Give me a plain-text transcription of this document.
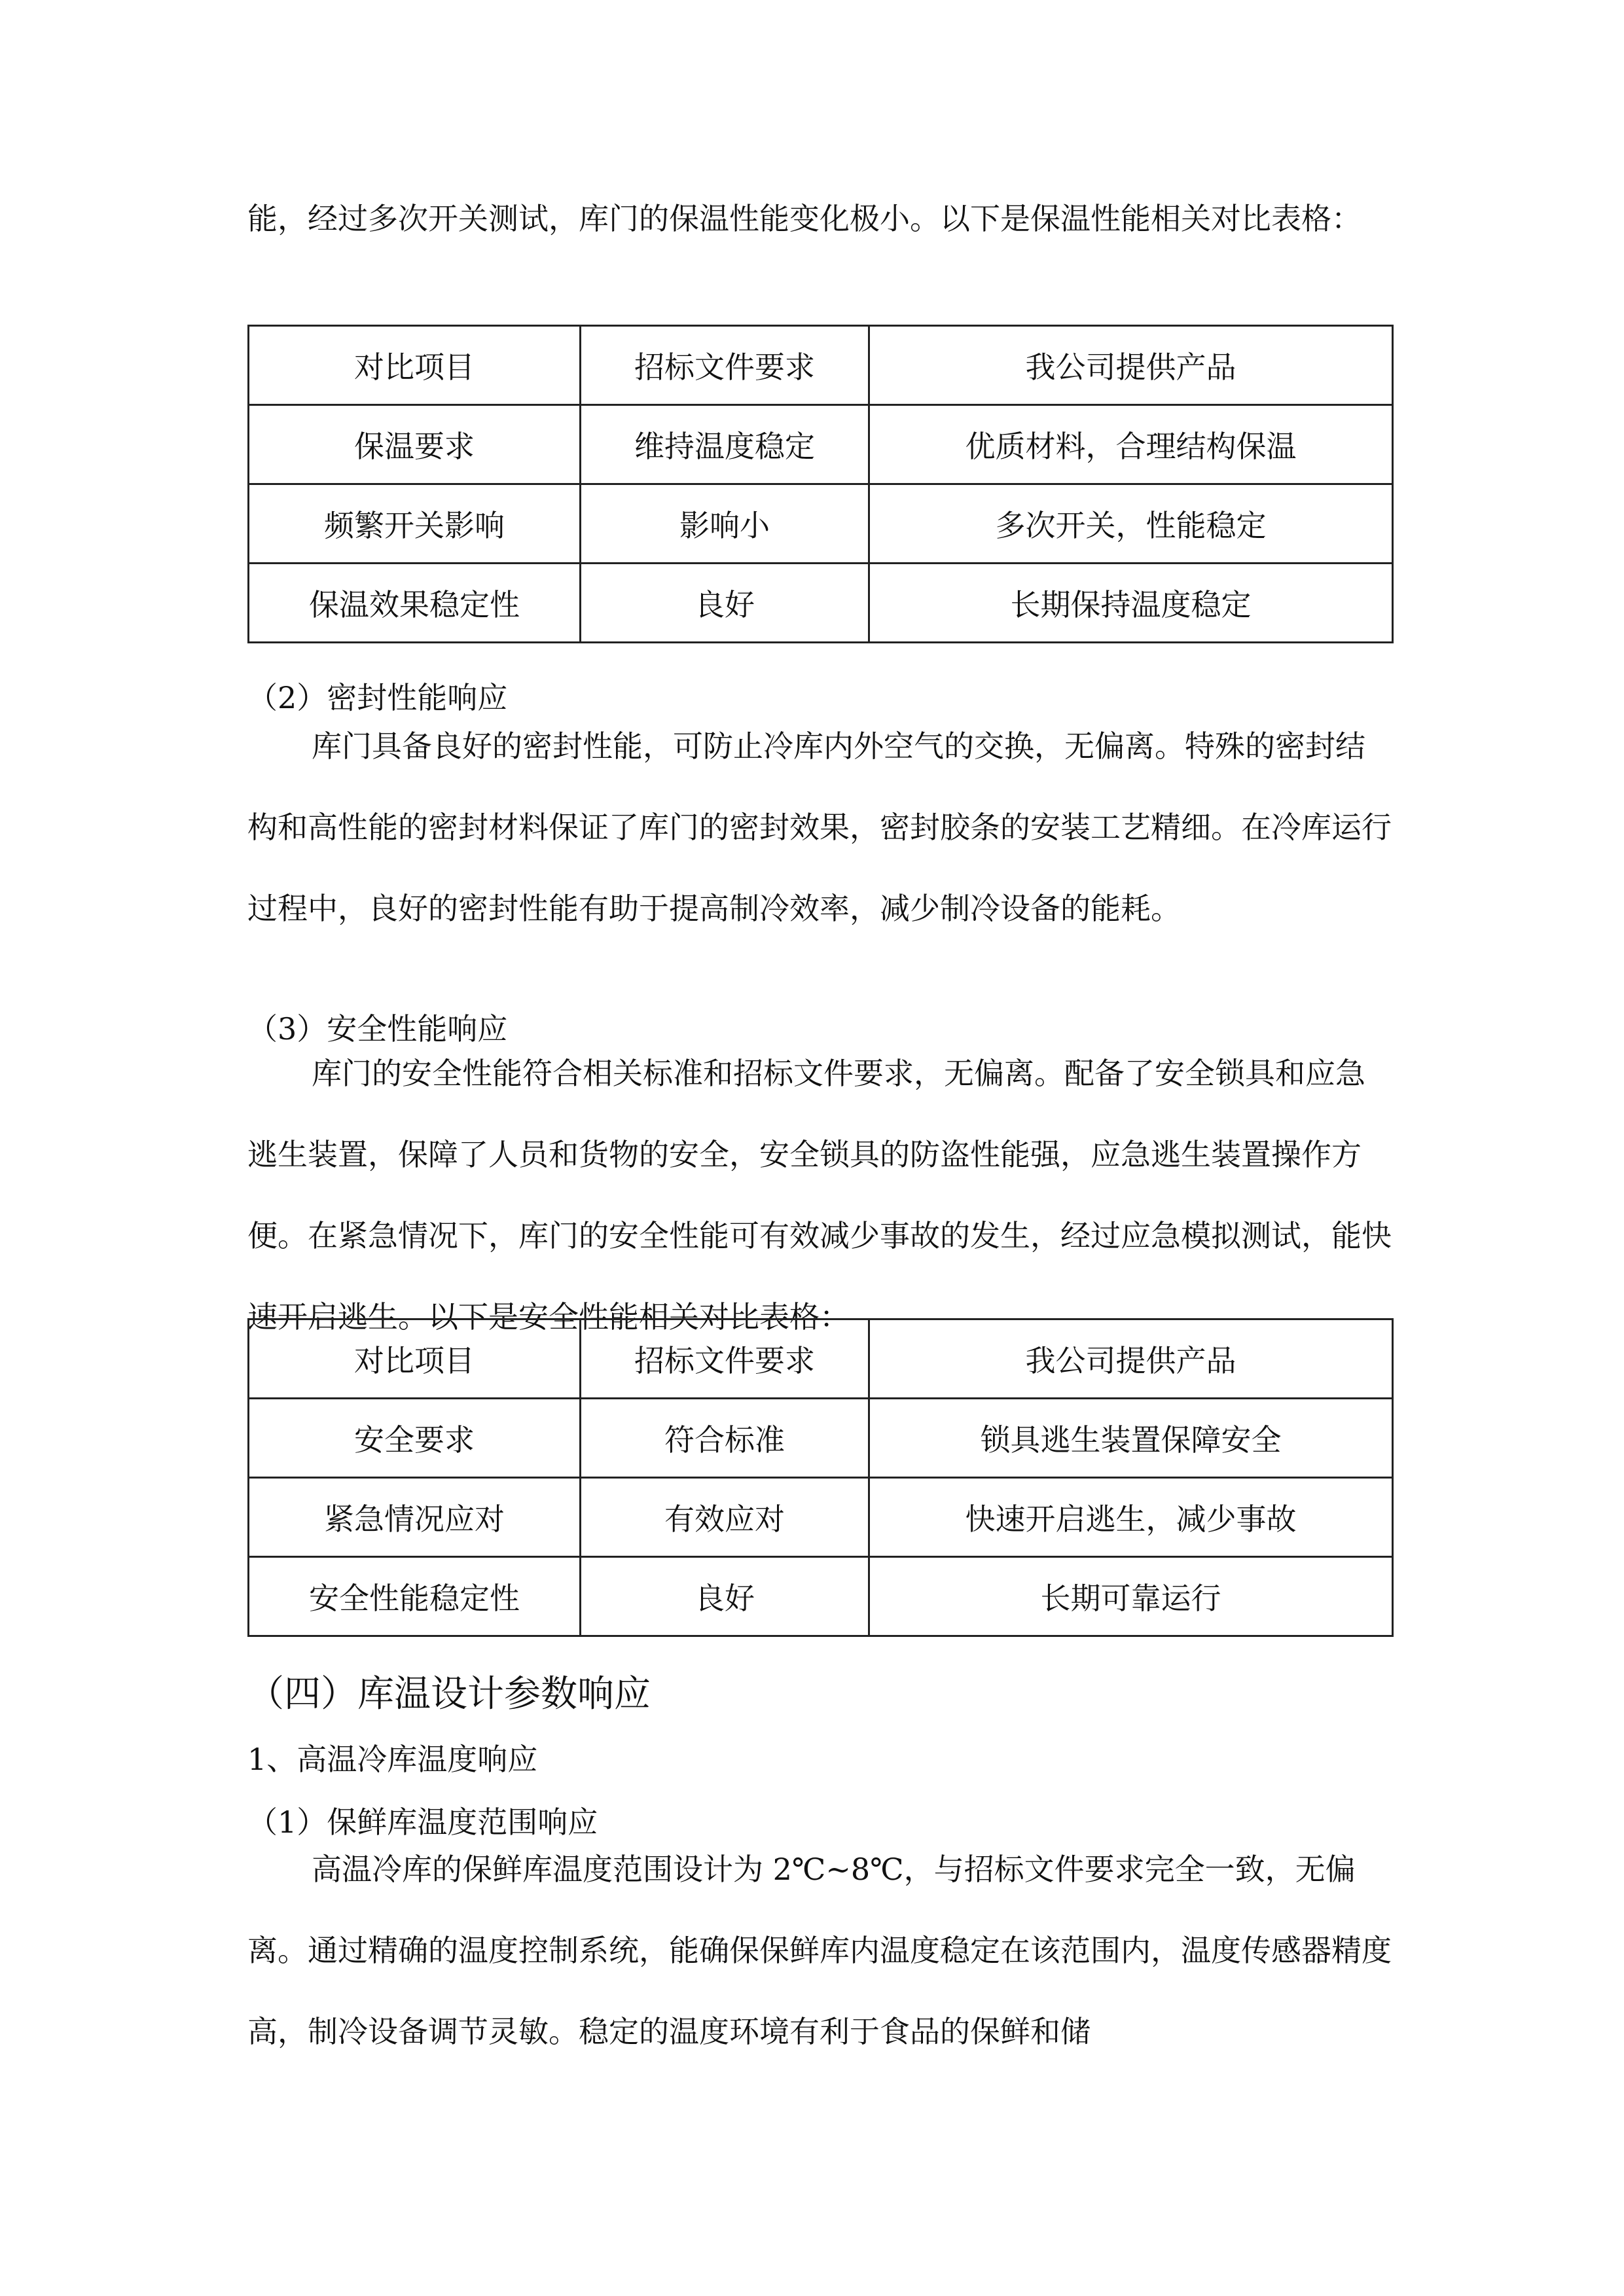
能，经过多次开关测试，库门的保温性能变化极小。以下是保温性能相关对比表格：

对比项目	招标文件要求	我公司提供产品
保温要求	维持温度稳定	优质材料，合理结构保温
频繁开关影响	影响小	多次开关，性能稳定
保温效果稳定性	良好	长期保持温度稳定

（2）密封性能响应

库门具备良好的密封性能，可防止冷库内外空气的交换，无偏离。特殊的密封结构和高性能的密封材料保证了库门的密封效果，密封胶条的安装工艺精细。在冷库运行过程中，良好的密封性能有助于提高制冷效率，减少制冷设备的能耗。

（3）安全性能响应

库门的安全性能符合相关标准和招标文件要求，无偏离。配备了安全锁具和应急逃生装置，保障了人员和货物的安全，安全锁具的防盗性能强，应急逃生装置操作方便。在紧急情况下，库门的安全性能可有效减少事故的发生，经过应急模拟测试，能快速开启逃生。以下是安全性能相关对比表格：

对比项目	招标文件要求	我公司提供产品
安全要求	符合标准	锁具逃生装置保障安全
紧急情况应对	有效应对	快速开启逃生，减少事故
安全性能稳定性	良好	长期可靠运行
（四）库温设计参数响应

1、高温冷库温度响应

（1）保鲜库温度范围响应

高温冷库的保鲜库温度范围设计为 2℃~8℃，与招标文件要求完全一致，无偏离。通过精确的温度控制系统，能确保保鲜库内温度稳定在该范围内，温度传感器精度高，制冷设备调节灵敏。稳定的温度环境有利于食品的保鲜和储
